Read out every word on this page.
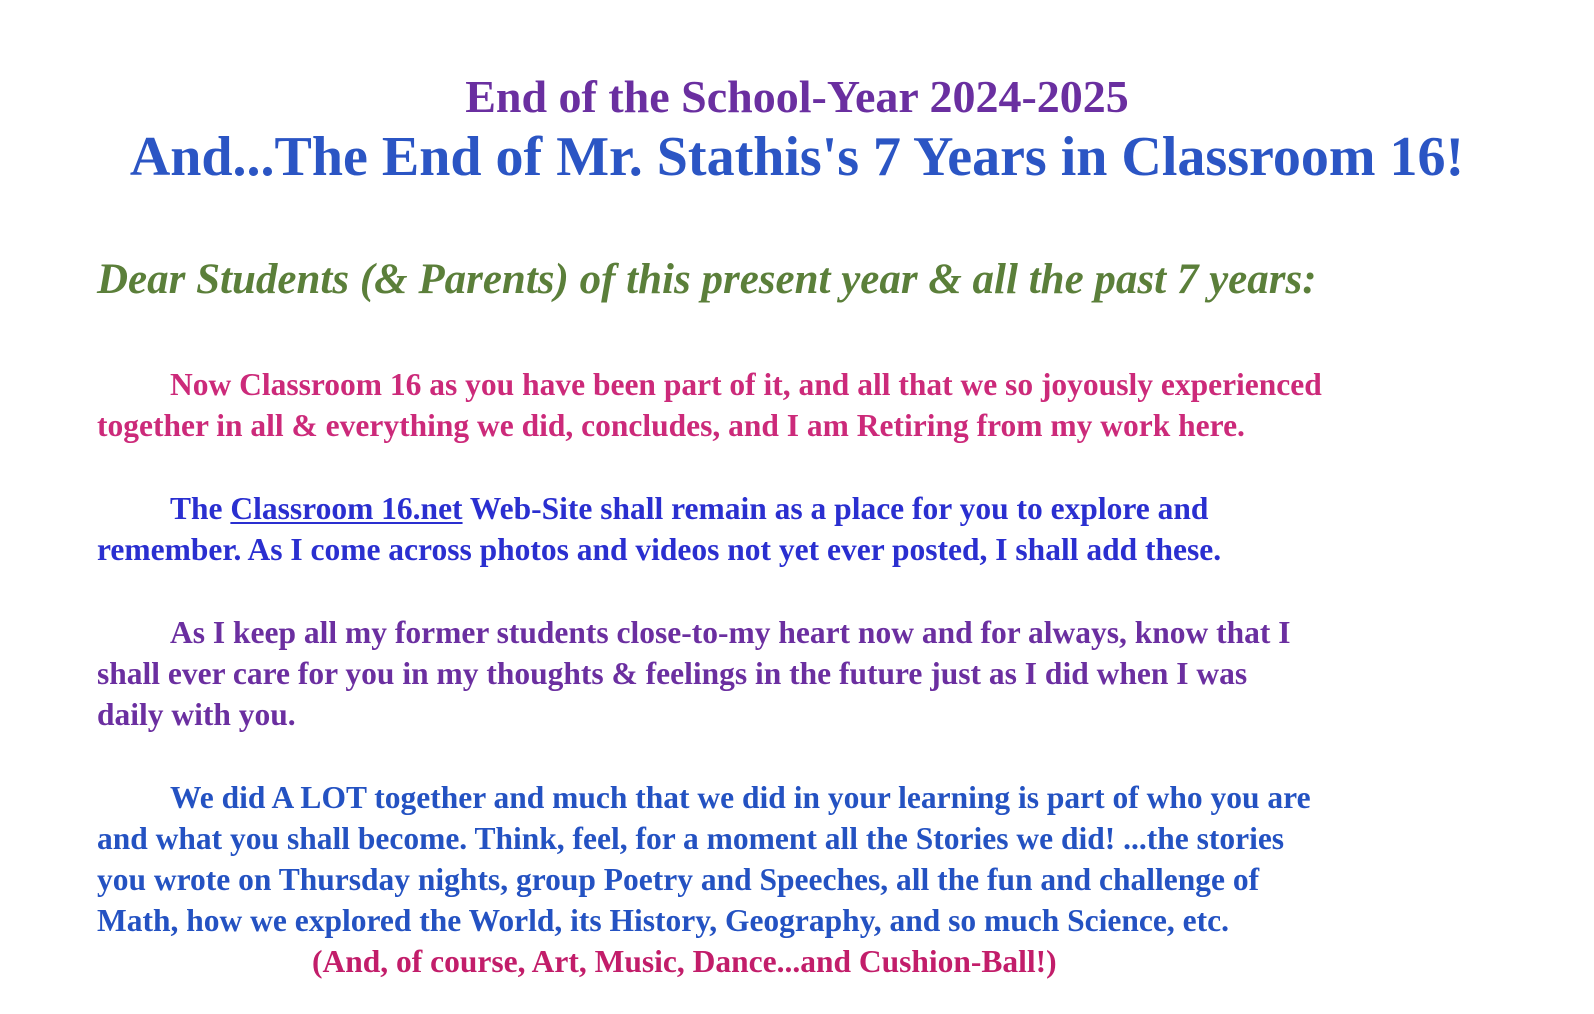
End of the School-Year 2024-2025
And...The End of Mr. Stathis's 7 Years in Classroom 16!
Dear Students (& Parents) of this present year & all the past 7 years:
Now Classroom 16 as you have been part of it, and all that we so joyously experienced
together in all & everything we did, concludes, and I am Retiring from my work here.
The Classroom 16.net Web-Site shall remain as a place for you to explore and
remember. As I come across photos and videos not yet ever posted, I shall add these.
As I keep all my former students close-to-my heart now and for always, know that I
shall ever care for you in my thoughts & feelings in the future just as I did when I was
daily with you.
We did A LOT together and much that we did in your learning is part of who you are
and what you shall become. Think, feel, for a moment all the Stories we did! ...the stories
you wrote on Thursday nights, group Poetry and Speeches, all the fun and challenge of
Math, how we explored the World, its History, Geography, and so much Science, etc.
(And, of course, Art, Music, Dance...and Cushion-Ball!)
